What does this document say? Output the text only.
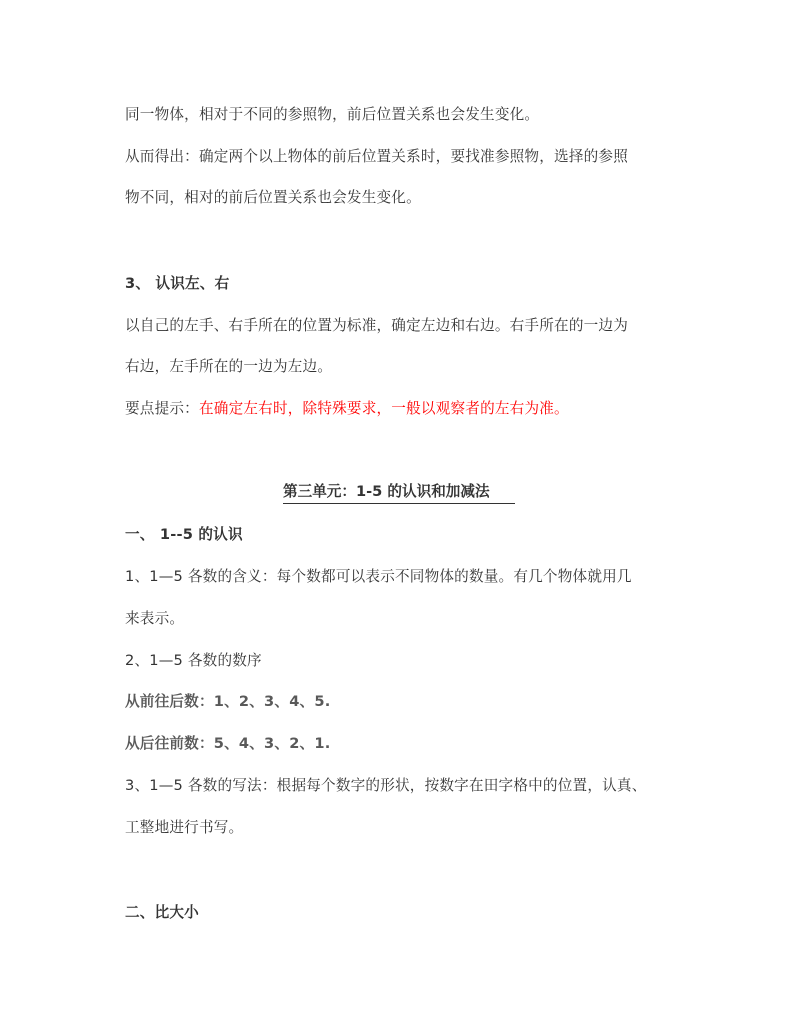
同一物体，相对于不同的参照物，前后位置关系也会发生变化。
从而得出：确定两个以上物体的前后位置关系时，要找准参照物，选择的参照
物不同，相对的前后位置关系也会发生变化。
3、 认识左、右
以自己的左手、右手所在的位置为标准，确定左边和右边。右手所在的一边为
右边，左手所在的一边为左边。
要点提示：在确定左右时，除特殊要求，一般以观察者的左右为准。
第三单元：1-5 的认识和加减法
一、 1--5 的认识
1、1—5 各数的含义：每个数都可以表示不同物体的数量。有几个物体就用几
来表示。
2、1—5 各数的数序
从前往后数：1、2、3、4、5.
从后往前数：5、4、3、2、1.
3、1—5 各数的写法：根据每个数字的形状，按数字在田字格中的位置，认真、
工整地进行书写。
二、比大小
